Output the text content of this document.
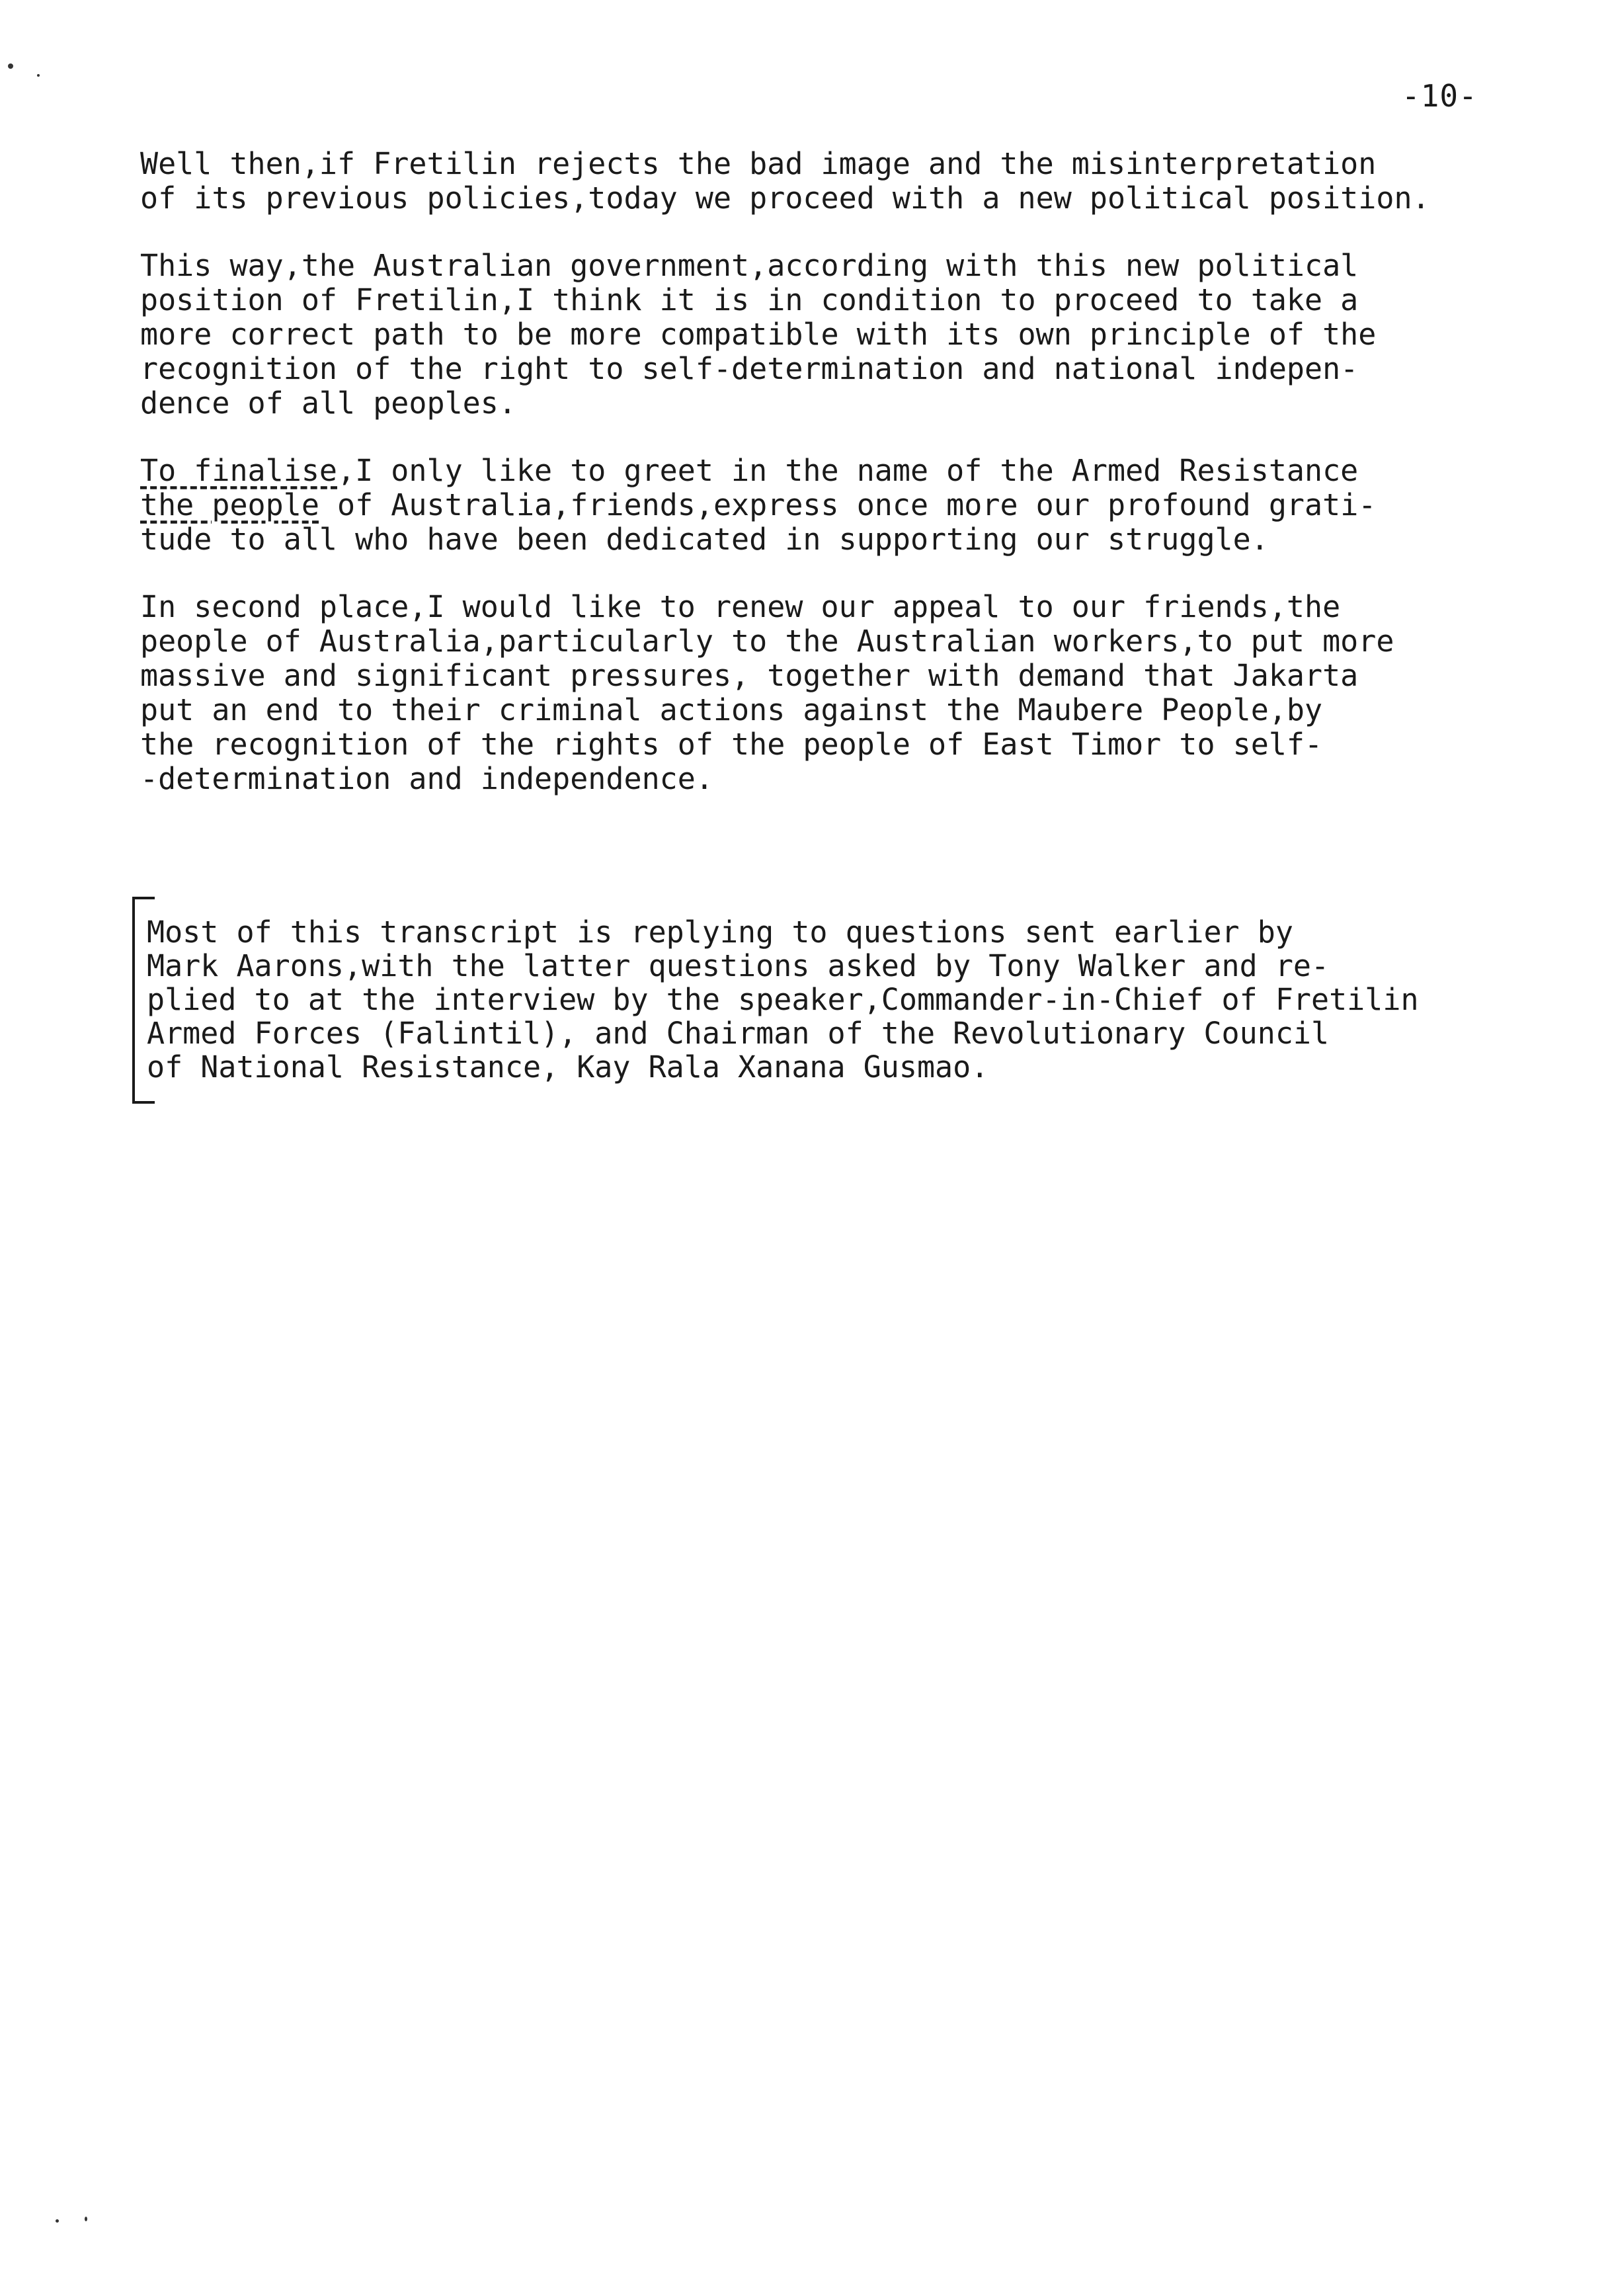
-10-

Well then,if Fretilin rejects the bad image and the misinterpretation
of its previous policies,today we proceed with a new political position.

This way,the Australian government,according with this new political
position of Fretilin,I think it is in condition to proceed to take a
more correct path to be more compatible with its own principle of the
recognition of the right to self-determination and national indepen-
dence of all peoples.

To finalise,I only like to greet in the name of the Armed Resistance
the people of Australia,friends,express once more our profound grati-
tude to all who have been dedicated in supporting our struggle.

In second place,I would like to renew our appeal to our friends,the
people of Australia,particularly to the Australian workers,to put more
massive and significant pressures, together with demand that Jakarta
put an end to their criminal actions against the Maubere People,by
the recognition of the rights of the people of East Timor to self-
-determination and independence.

Most of this transcript is replying to questions sent earlier by
Mark Aarons,with the latter questions asked by Tony Walker and re-
plied to at the interview by the speaker,Commander-in-Chief of Fretilin
Armed Forces (Falintil), and Chairman of the Revolutionary Council
of National Resistance, Kay Rala Xanana Gusmao.
